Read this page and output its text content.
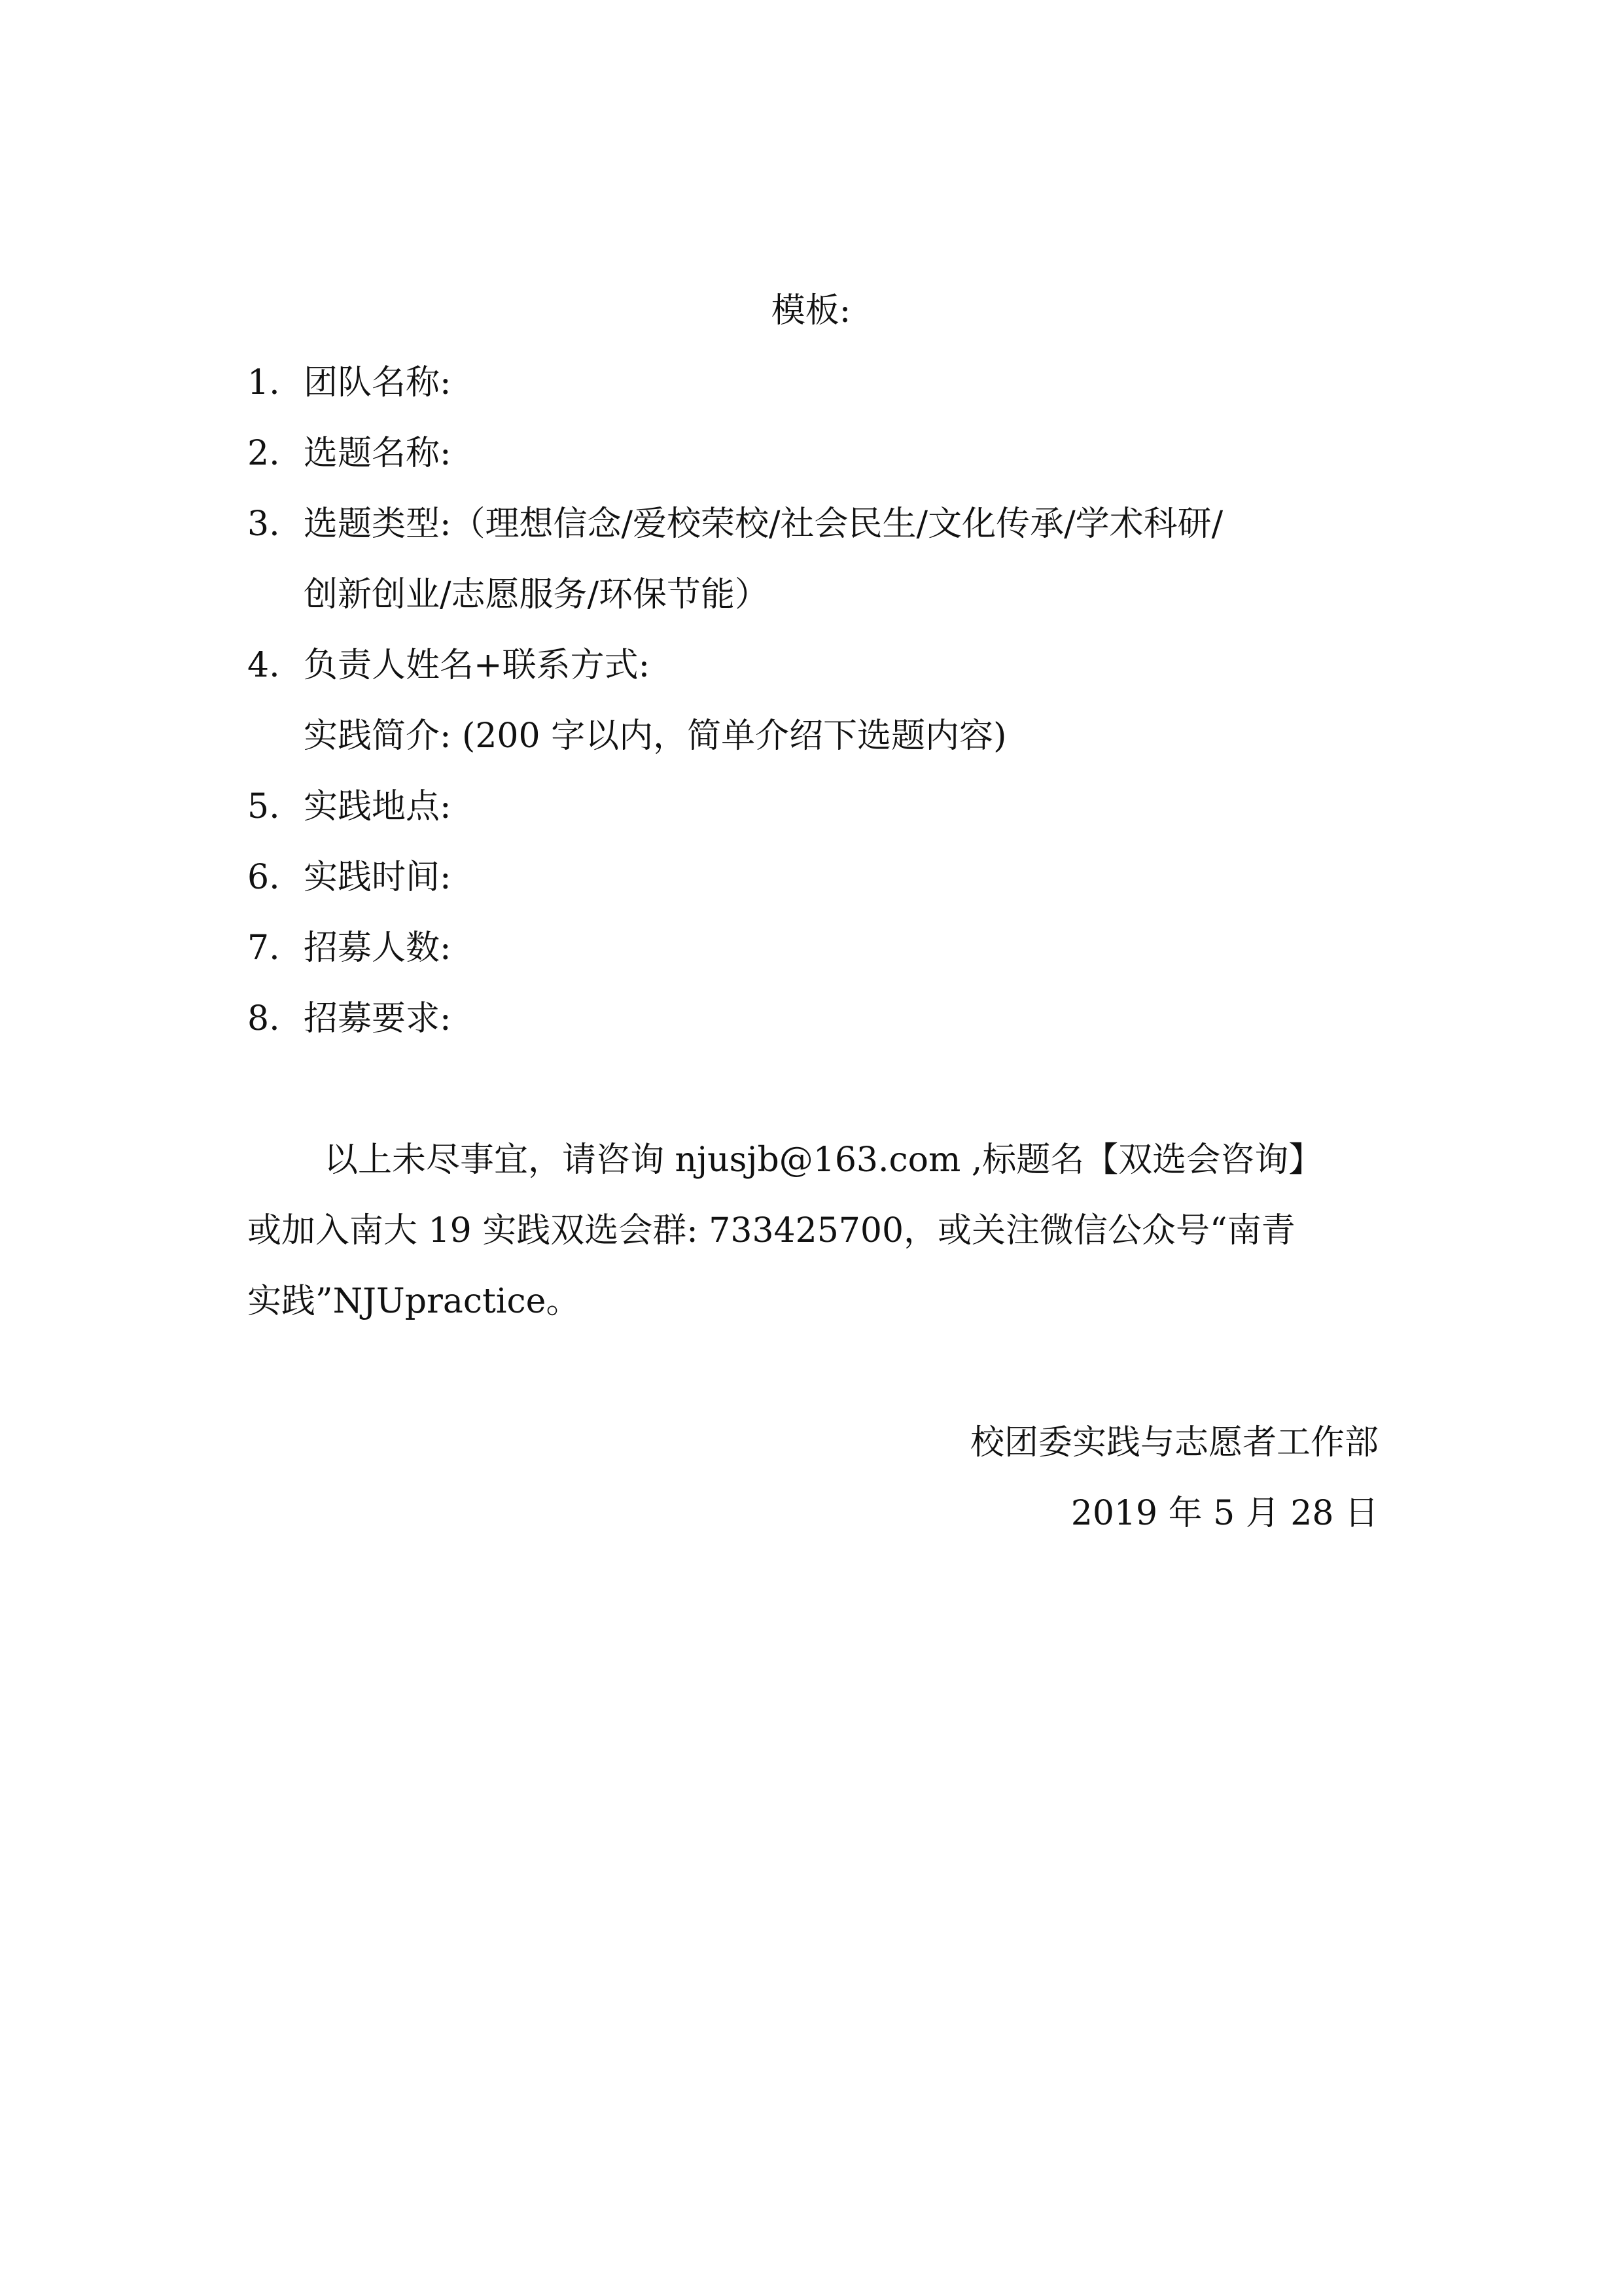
模板:
1. 团队名称:
2. 选题名称:
3. 选题类型:（理想信念/爱校荣校/社会民生/文化传承/学术科研/
创新创业/志愿服务/环保节能）
4. 负责人姓名+联系方式:
实践简介: (200 字以内，简单介绍下选题内容)
5. 实践地点:
6. 实践时间:
7. 招募人数:
8. 招募要求:
以上未尽事宜，请咨询 njusjb@163.com ,标题名【双选会咨询】
或加入南大 19 实践双选会群: 733425700，或关注微信公众号“南青
实践”NJUpractice。
校团委实践与志愿者工作部
2019 年 5 月 28 日
